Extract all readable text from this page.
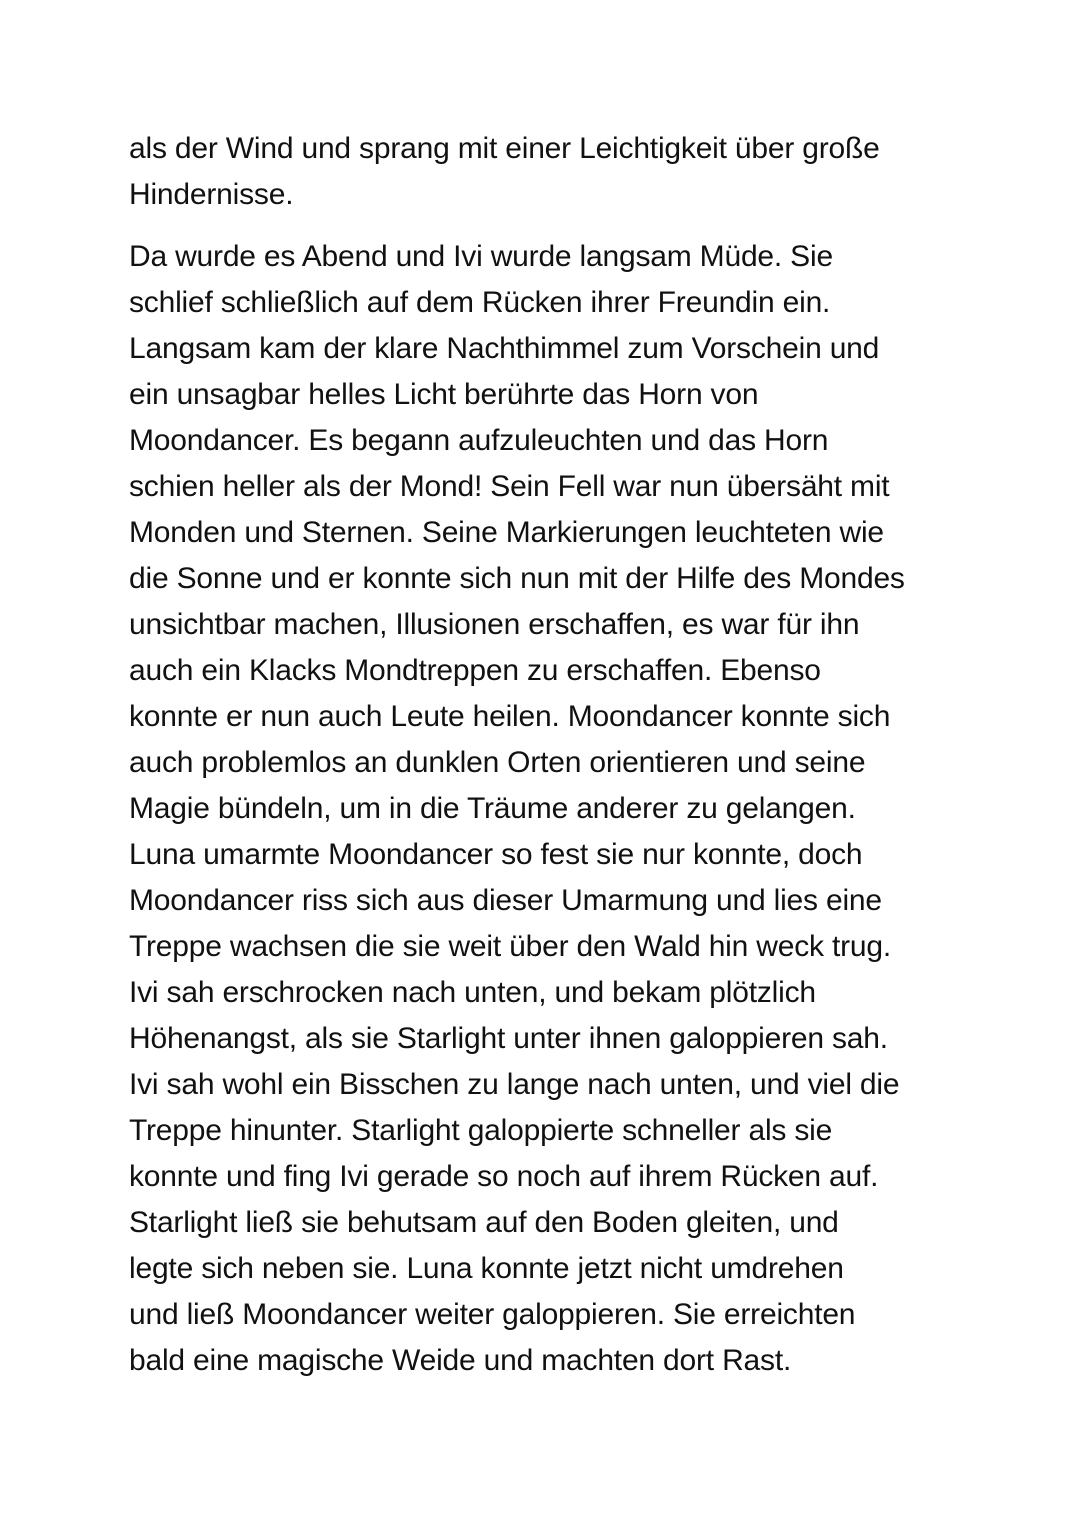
als der Wind und sprang mit einer Leichtigkeit über große
Hindernisse.
Da wurde es Abend und Ivi wurde langsam Müde. Sie
schlief schließlich auf dem Rücken ihrer Freundin ein.
Langsam kam der klare Nachthimmel zum Vorschein und
ein unsagbar helles Licht berührte das Horn von
Moondancer. Es begann aufzuleuchten und das Horn
schien heller als der Mond! Sein Fell war nun übersäht mit
Monden und Sternen. Seine Markierungen leuchteten wie
die Sonne und er konnte sich nun mit der Hilfe des Mondes
unsichtbar machen, Illusionen erschaffen, es war für ihn
auch ein Klacks Mondtreppen zu erschaffen. Ebenso
konnte er nun auch Leute heilen. Moondancer konnte sich
auch problemlos an dunklen Orten orientieren und seine
Magie bündeln, um in die Träume anderer zu gelangen.
Luna umarmte Moondancer so fest sie nur konnte, doch
Moondancer riss sich aus dieser Umarmung und lies eine
Treppe wachsen die sie weit über den Wald hin weck trug.
Ivi sah erschrocken nach unten, und bekam plötzlich
Höhenangst, als sie Starlight unter ihnen galoppieren sah.
Ivi sah wohl ein Bisschen zu lange nach unten, und viel die
Treppe hinunter. Starlight galoppierte schneller als sie
konnte und fing Ivi gerade so noch auf ihrem Rücken auf.
Starlight ließ sie behutsam auf den Boden gleiten, und
legte sich neben sie. Luna konnte jetzt nicht umdrehen
und ließ Moondancer weiter galoppieren. Sie erreichten
bald eine magische Weide und machten dort Rast.
